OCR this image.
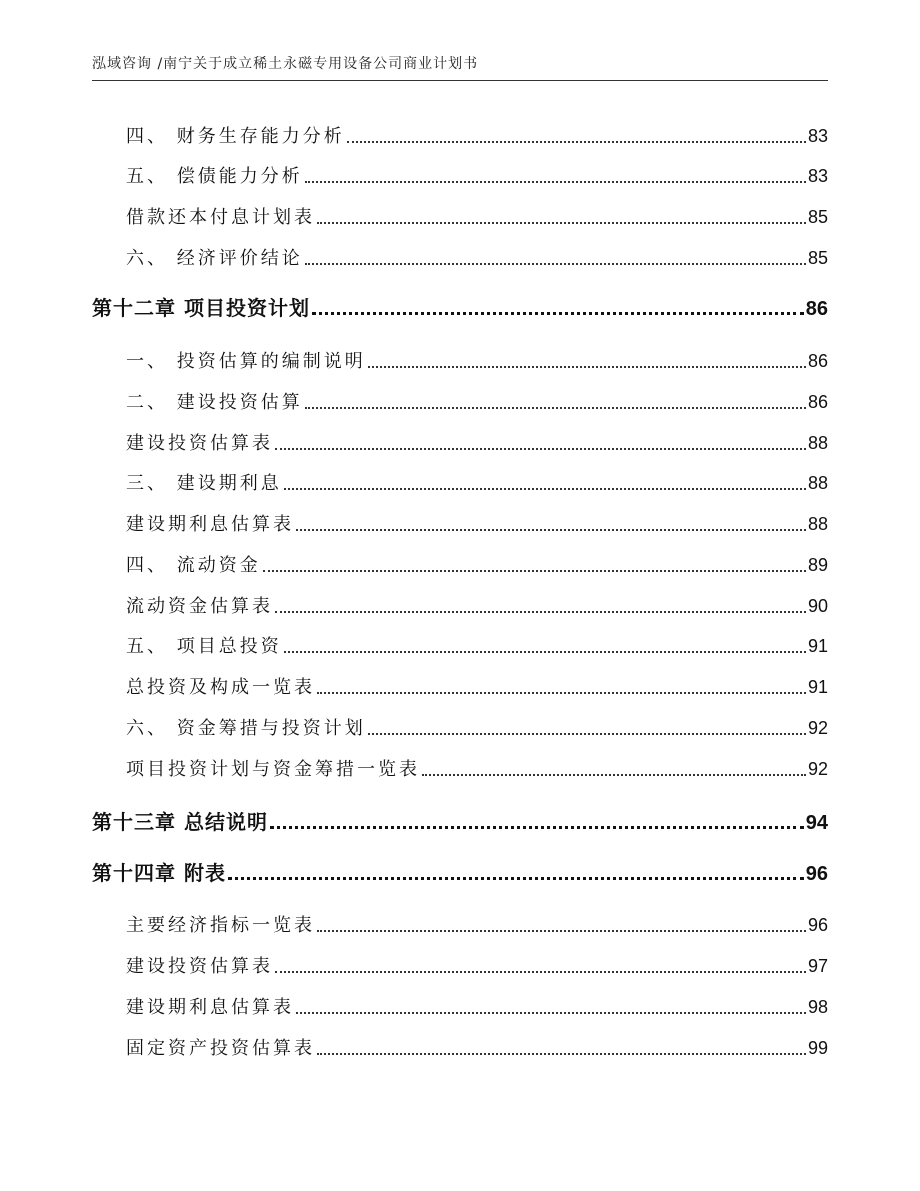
泓域咨询 /南宁关于成立稀土永磁专用设备公司商业计划书
四、 财务生存能力分析	83
五、 偿债能力分析	83
借款还本付息计划表	85
六、 经济评价结论	85
第十二章 项目投资计划	86
一、 投资估算的编制说明	86
二、 建设投资估算	86
建设投资估算表	88
三、 建设期利息	88
建设期利息估算表	88
四、 流动资金	89
流动资金估算表	90
五、 项目总投资	91
总投资及构成一览表	91
六、 资金筹措与投资计划	92
项目投资计划与资金筹措一览表	92
第十三章 总结说明	94
第十四章 附表	96
主要经济指标一览表	96
建设投资估算表	97
建设期利息估算表	98
固定资产投资估算表	99
